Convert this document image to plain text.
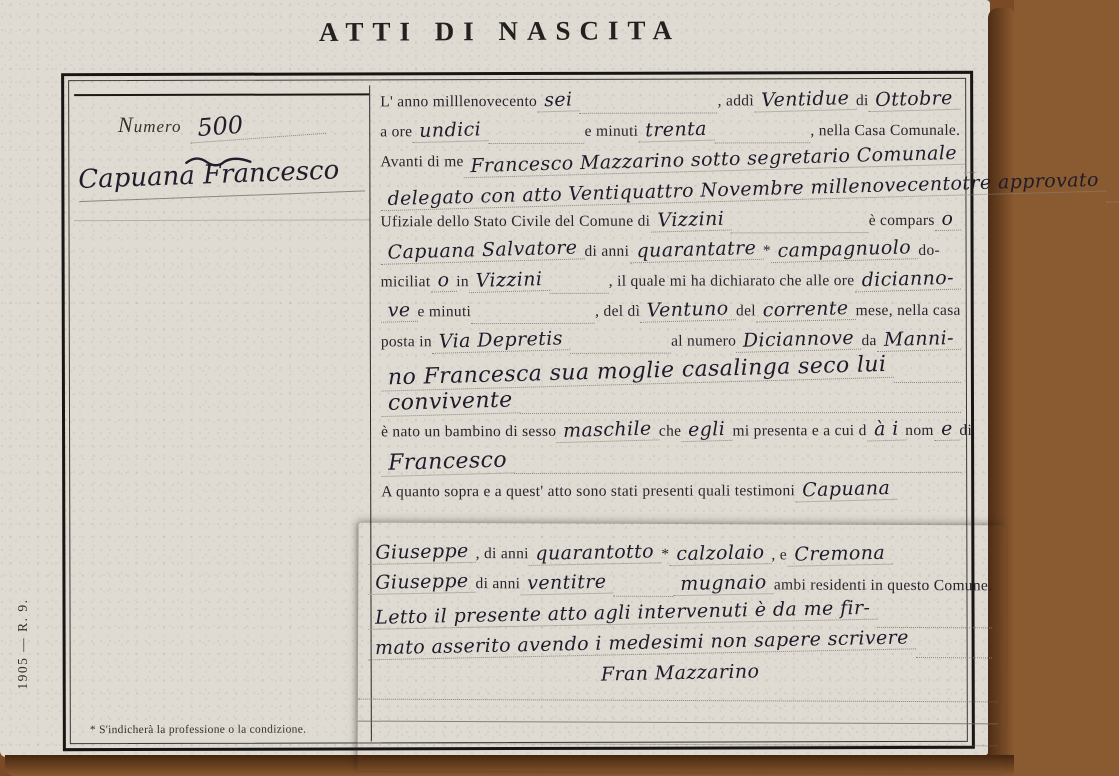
ATTI DI NASCITA
1905 — R. 9.
Numero 500
Capuana Francesco
* S'indicherà la professione o la condizione.
L' anno milllenovecento sei	, addì Ventidue di Ottobre
a ore undici	e minuti trenta	, nella Casa Comunale.
Avanti di me Francesco Mazzarino sotto segretario Comunale
delegato con atto Ventiquattro Novembre millenovecentotre approvato
Ufiziale dello Stato Civile del Comune di Vizzini	è compars o
Capuana Salvatore di anni quarantatre * campagnuolo do-
miciliat o in Vizzini	, il quale mi ha dichiarato che alle ore dicianno-
ve e minuti	, del dì Ventuno del corrente mese, nella casa
posta in Via Depretis	al numero Diciannove da Manni-
no Francesca sua moglie casalinga seco lui
convivente
è nato un bambino di sesso maschile che egli mi presenta e a cui d à i nom e di
Francesco
A quanto sopra e a quest' atto sono stati presenti quali testimoni Capuana
Giuseppe , di anni quarantotto * calzolaio , e Cremona
Giuseppe di anni ventitre	mugnaio ambi residenti in questo Comune.
Letto il presente atto agli intervenuti è da me fir-
mato asserito avendo i medesimi non sapere scrivere
Fran Mazzarino
